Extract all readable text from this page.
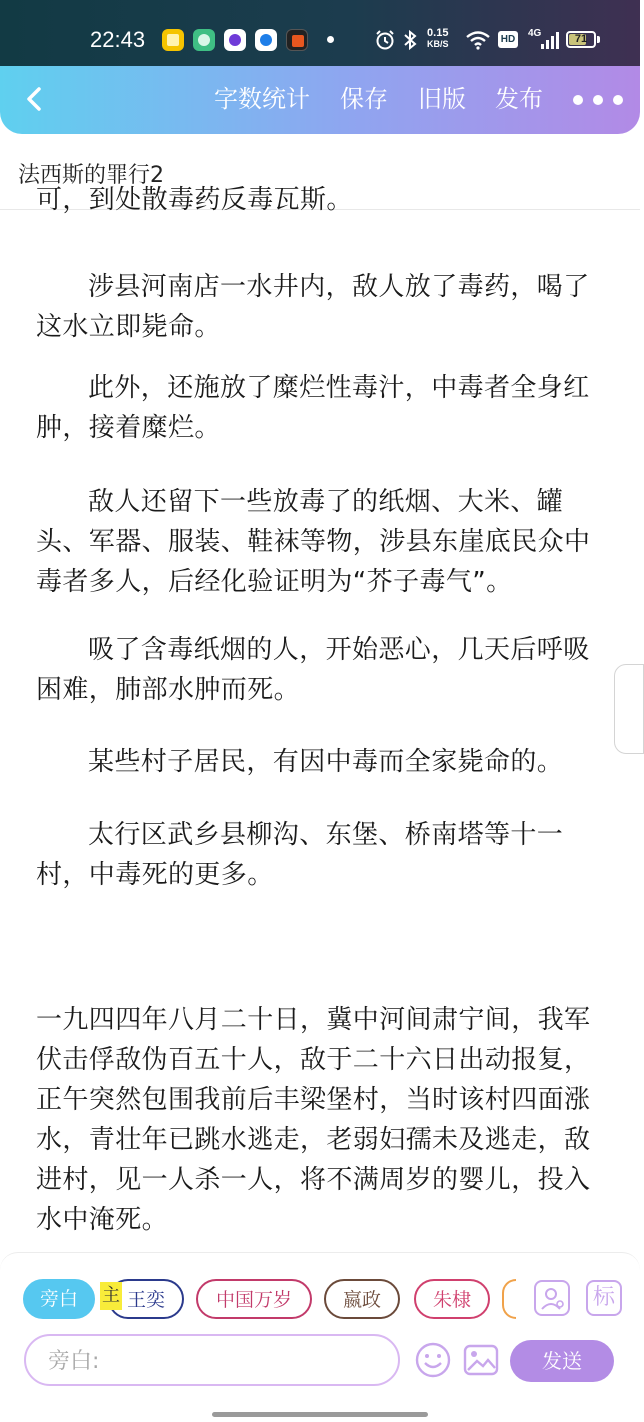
22:43	0.15
KB/S	HD
4G	71
字数统计 保存 旧版 发布
法西斯的罪行2

可，到处散毒药反毒瓦斯。

涉县河南店一水井内，敌人放了毒药，喝了这水立即毙命。

此外，还施放了糜烂性毒汁，中毒者全身红肿，接着糜烂。

敌人还留下一些放毒了的纸烟、大米、罐头、军器、服装、鞋袜等物，涉县东崖底民众中毒者多人，后经化验证明为“芥子毒气”。

吸了含毒纸烟的人，开始恶心，几天后呼吸困难，肺部水肿而死。

某些村子居民，有因中毒而全家毙命的。

太行区武乡县柳沟、东堡、桥南塔等十一村，中毒死的更多。

一九四四年八月二十日，冀中河间肃宁间，我军伏击俘敌伪百五十人，敌于二十六日出动报复，正午突然包围我前后丰梁堡村，当时该村四面涨水，青壮年已跳水逃走，老弱妇孺未及逃走，敌进村，见一人杀一人，将不满周岁的婴儿，投入水中淹死。

旁白	王奕
主	中国万岁	嬴政	朱棣	标
旁白:
发送
